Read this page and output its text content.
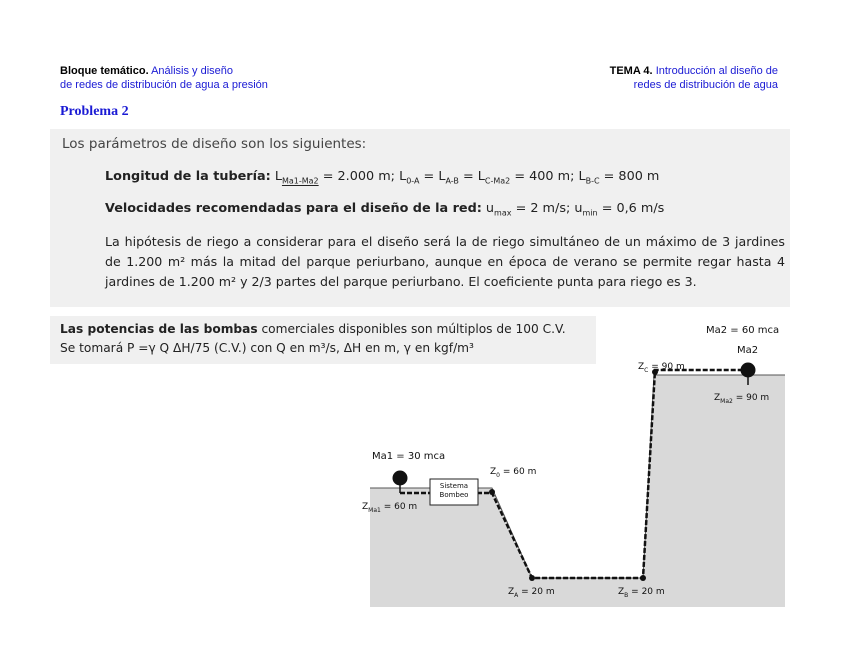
Bloque temático. Análisis y diseño
de redes de distribución de agua a presión
TEMA 4. Introducción al diseño de
redes de distribución de agua
Problema 2
Los parámetros de diseño son los siguientes:
Longitud de la tubería: $L_{Ma1-Ma2} = 2.000$ m; $L_{0-A} = L_{A-B} = L_{C-Ma2} = 400$ m; $L_{B-C} = 800$ m
Velocidades recomendadas para el diseño de la red: $u_{max} = 2$ m/s; $u_{min} = 0,6$ m/s
La hipótesis de riego a considerar para el diseño será la de riego simultáneo de un máximo de 3 jardines de 1.200 m² más la mitad del parque periurbano, aunque en época de verano se permite regar hasta 4 jardines de 1.200 m² y 2/3 partes del parque periurbano. El coeficiente punta para riego es 3.
Las potencias de las bombas comerciales disponibles son múltiplos de 100 C.V.
Se tomará P =γ Q ΔH/75 (C.V.) con Q en m³/s, ΔH en m, γ en kgf/m³
Sistema
Bombeo
Ma1 = 30 mca
Ma2 = 60 mca
Ma2
$Z_{Ma1} = 60$ m
$Z_0 = 60$ m
$Z_A = 20$ m	$Z_B = 20$ m
$Z_C = 90$ m
$Z_{Ma2} = 90$ m
